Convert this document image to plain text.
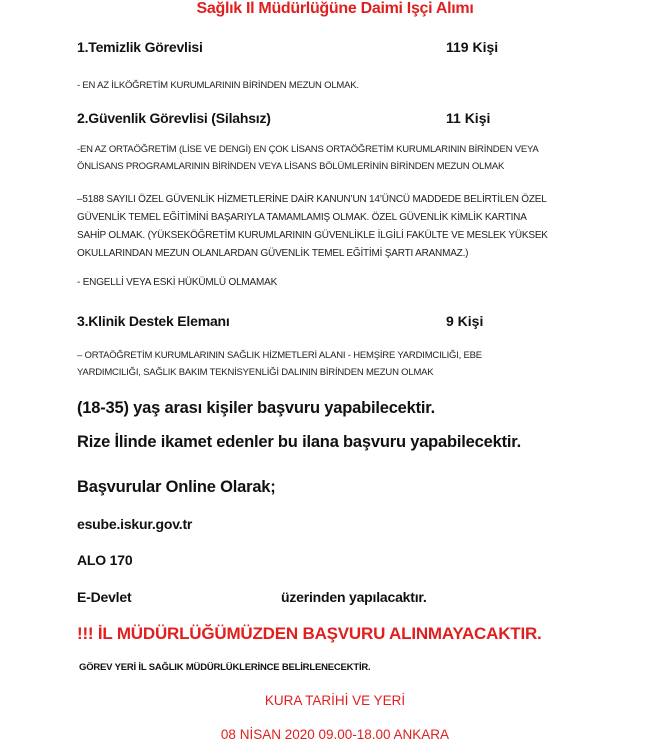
Sağlık Il Müdürlüğüne Daimi Işçi Alımı
1.Temizlik Görevlisi	119 Kişi
- EN AZ İLKÖĞRETİM KURUMLARININ BİRİNDEN MEZUN OLMAK.
2.Güvenlik Görevlisi (Silahsız)	11 Kişi
-EN AZ ORTAÖĞRETİM (LİSE VE DENGİ) EN ÇOK LİSANS ORTAÖĞRETİM KURUMLARININ BİRİNDEN VEYA
ÖNLİSANS PROGRAMLARININ BİRİNDEN VEYA LİSANS BÖLÜMLERİNİN BİRİNDEN MEZUN OLMAK
–5188 SAYILI ÖZEL GÜVENLİK HİZMETLERİNE DAİR KANUN’UN 14’ÜNCÜ MADDEDE BELİRTİLEN ÖZEL
GÜVENLİK TEMEL EĞİTİMİNİ BAŞARIYLA TAMAMLAMIŞ OLMAK. ÖZEL GÜVENLİK KİMLİK KARTINA
SAHİP OLMAK. (YÜKSEKÖĞRETİM KURUMLARININ GÜVENLİKLE İLGİLİ FAKÜLTE VE MESLEK YÜKSEK
OKULLARINDAN MEZUN OLANLARDAN GÜVENLİK TEMEL EĞİTİMİ ŞARTI ARANMAZ.)
- ENGELLİ VEYA ESKİ HÜKÜMLÜ OLMAMAK
3.Klinik Destek Elemanı	9 Kişi
– ORTAÖĞRETİM KURUMLARININ SAĞLIK HİZMETLERİ ALANI - HEMŞİRE YARDIMCILIĞI, EBE
YARDIMCILIĞI, SAĞLIK BAKIM TEKNİSYENLİĞİ DALININ BİRİNDEN MEZUN OLMAK
(18-35) yaş arası kişiler başvuru yapabilecektir.
Rize İlinde ikamet edenler bu ilana başvuru yapabilecektir.
Başvurular Online Olarak;
esube.iskur.gov.tr
ALO 170
E-Devlet	üzerinden yapılacaktır.
!!! İL MÜDÜRLÜĞÜMÜZDEN BAŞVURU ALINMAYACAKTIR.
GÖREV YERİ İL SAĞLIK MÜDÜRLÜKLERİNCE BELİRLENECEKTİR.
KURA TARİHİ VE YERİ
08 NİSAN 2020 09.00-18.00 ANKARA
